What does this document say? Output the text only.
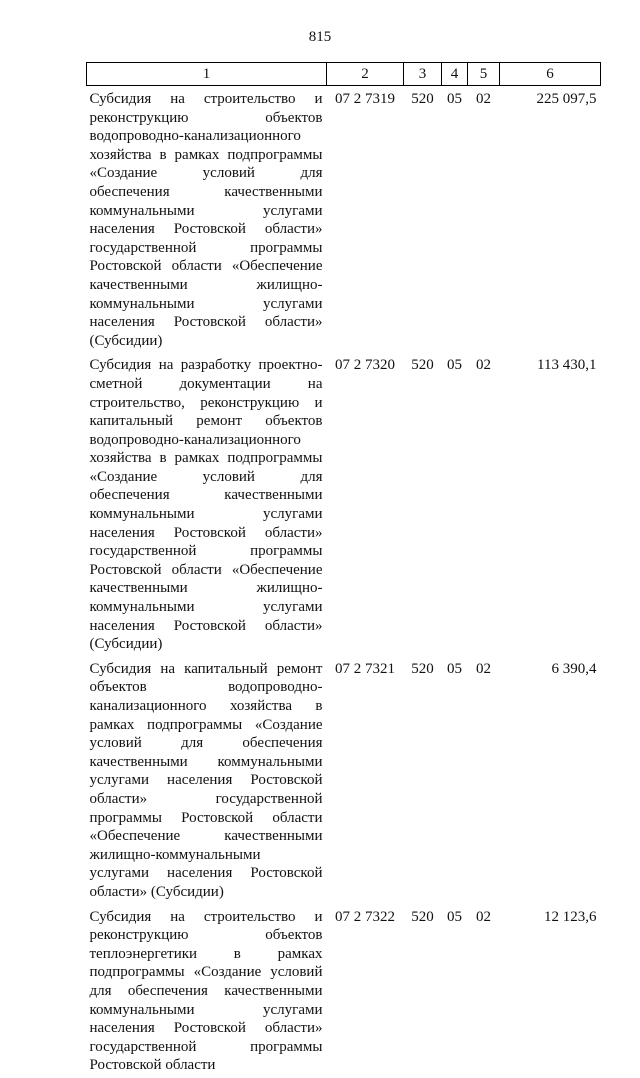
815
1	2	3	4	5	6
Субсидия на строительство и реконструкцию объектов водопроводно-канализационного хозяйства в рамках подпрограммы «Создание условий для обеспечения качественными коммунальными услугами населения Ростовской области» государственной программы Ростовской области «Обеспечение качественными жилищно-коммунальными услугами населения Ростовской области» (Субсидии)	07 2 7319	520	05	02	225 097,5
Субсидия на разработку проектно-сметной документации на строительство, реконструкцию и капитальный ремонт объектов водопроводно-канализационного хозяйства в рамках подпрограммы «Создание условий для обеспечения качественными коммунальными услугами населения Ростовской области» государственной программы Ростовской области «Обеспечение качественными жилищно-коммунальными услугами населения Ростовской области» (Субсидии)	07 2 7320	520	05	02	113 430,1
Субсидия на капитальный ремонт объектов водопроводно-канализационного хозяйства в рамках подпрограммы «Создание условий для обеспечения качественными коммунальными услугами населения Ростовской области» государственной программы Ростовской области «Обеспечение качественными жилищно-коммунальными услугами населения Ростовской области» (Субсидии)	07 2 7321	520	05	02	6 390,4
Субсидия на строительство и реконструкцию объектов теплоэнергетики в рамках подпрограммы «Создание условий для обеспечения качественными коммунальными услугами населения Ростовской области» государственной программы Ростовской области	07 2 7322	520	05	02	12 123,6
